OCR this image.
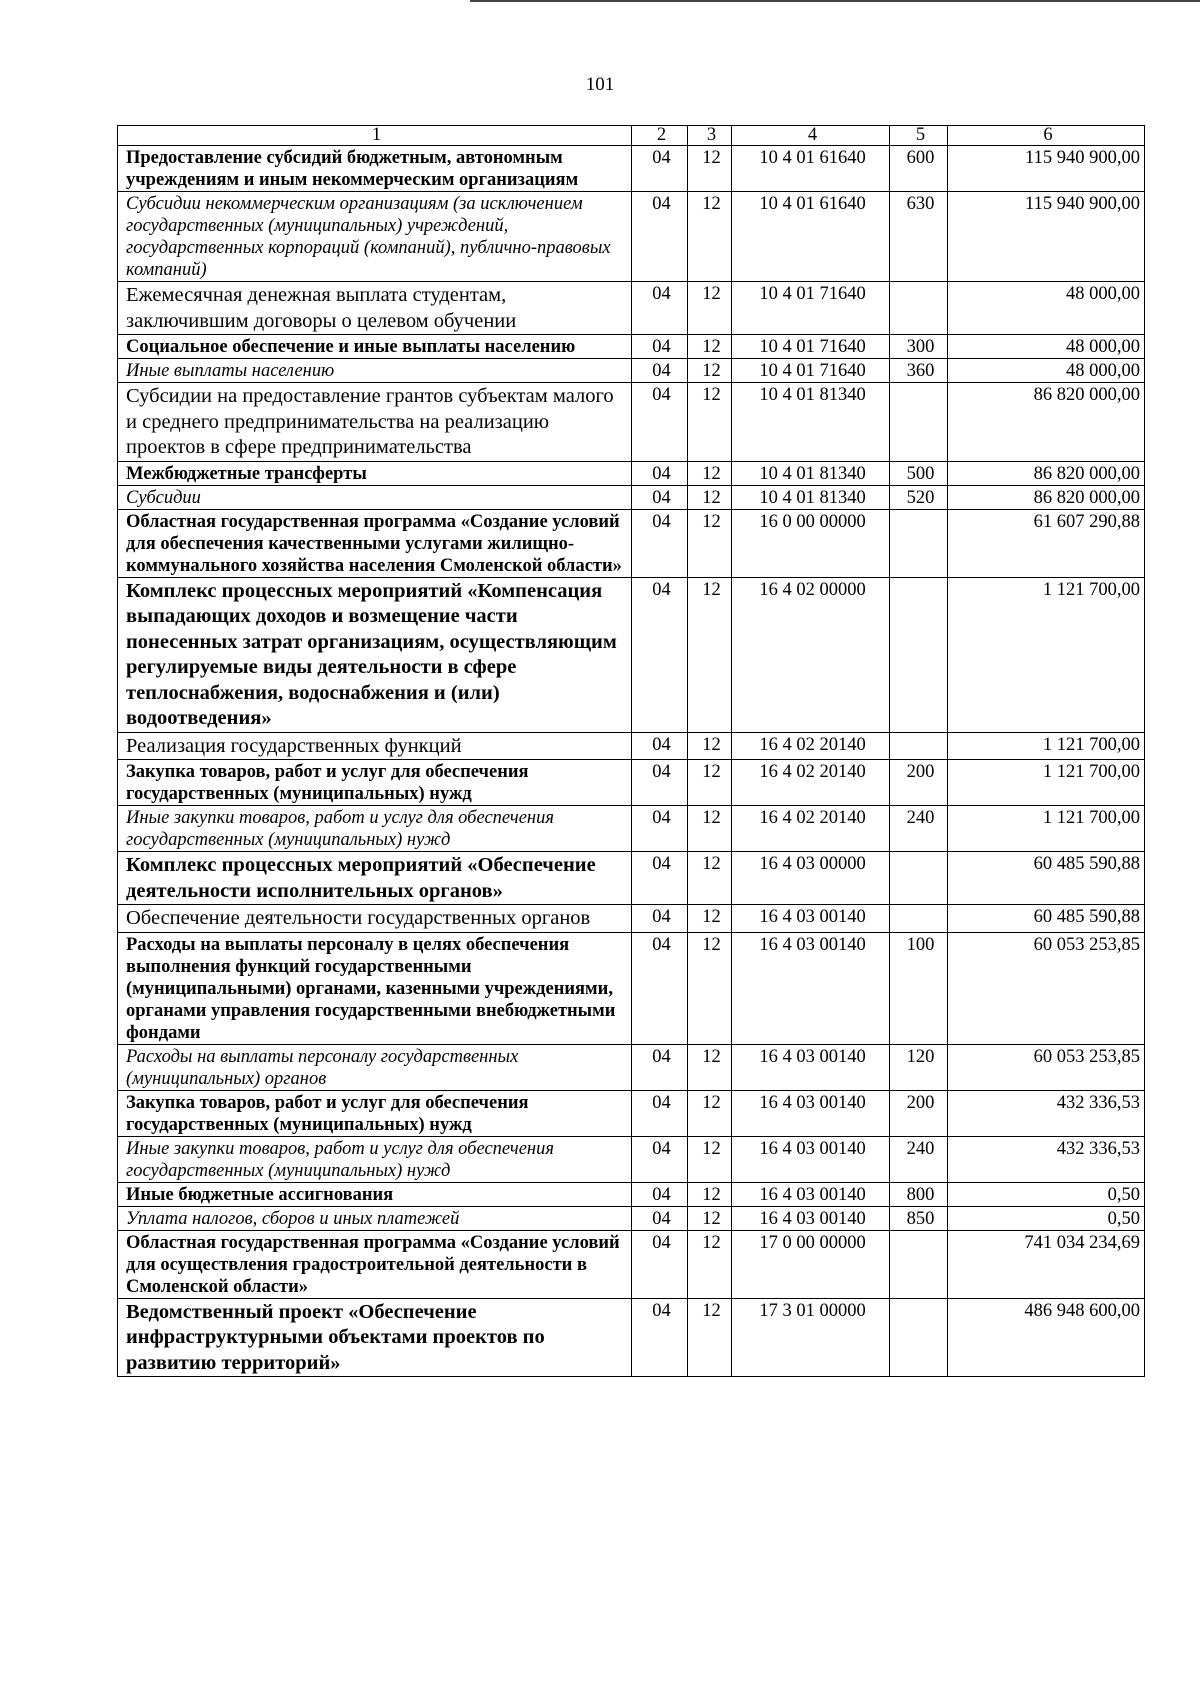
101
1	2	3	4	5	6
Предоставление субсидий бюджетным, автономным учреждениям и иным некоммерческим организациям	04	12	10 4 01 61640	600	115 940 900,00
Субсидии некоммерческим организациям (за исключением государственных (муниципальных) учреждений, государственных корпораций (компаний), публично-правовых компаний)	04	12	10 4 01 61640	630	115 940 900,00
Ежемесячная денежная выплата студентам, заключившим договоры о целевом обучении	04	12	10 4 01 71640		48 000,00
Социальное обеспечение и иные выплаты населению	04	12	10 4 01 71640	300	48 000,00
Иные выплаты населению	04	12	10 4 01 71640	360	48 000,00
Субсидии на предоставление грантов субъектам малого и среднего предпринимательства на реализацию проектов в сфере предпринимательства	04	12	10 4 01 81340		86 820 000,00
Межбюджетные трансферты	04	12	10 4 01 81340	500	86 820 000,00
Субсидии	04	12	10 4 01 81340	520	86 820 000,00
Областная государственная программа «Создание условий для обеспечения качественными услугами жилищно-коммунального хозяйства населения Смоленской области»	04	12	16 0 00 00000		61 607 290,88
Комплекс процессных мероприятий «Компенсация выпадающих доходов и возмещение части понесенных затрат организациям, осуществляющим регулируемые виды деятельности в сфере теплоснабжения, водоснабжения и (или) водоотведения»	04	12	16 4 02 00000		1 121 700,00
Реализация государственных функций	04	12	16 4 02 20140		1 121 700,00
Закупка товаров, работ и услуг для обеспечения государственных (муниципальных) нужд	04	12	16 4 02 20140	200	1 121 700,00
Иные закупки товаров, работ и услуг для обеспечения государственных (муниципальных) нужд	04	12	16 4 02 20140	240	1 121 700,00
Комплекс процессных мероприятий «Обеспечение деятельности исполнительных органов»	04	12	16 4 03 00000		60 485 590,88
Обеспечение деятельности государственных органов	04	12	16 4 03 00140		60 485 590,88
Расходы на выплаты персоналу в целях обеспечения выполнения функций государственными (муниципальными) органами, казенными учреждениями, органами управления государственными внебюджетными фондами	04	12	16 4 03 00140	100	60 053 253,85
Расходы на выплаты персоналу государственных (муниципальных) органов	04	12	16 4 03 00140	120	60 053 253,85
Закупка товаров, работ и услуг для обеспечения государственных (муниципальных) нужд	04	12	16 4 03 00140	200	432 336,53
Иные закупки товаров, работ и услуг для обеспечения государственных (муниципальных) нужд	04	12	16 4 03 00140	240	432 336,53
Иные бюджетные ассигнования	04	12	16 4 03 00140	800	0,50
Уплата налогов, сборов и иных платежей	04	12	16 4 03 00140	850	0,50
Областная государственная программа «Создание условий для осуществления градостроительной деятельности в Смоленской области»	04	12	17 0 00 00000		741 034 234,69
Ведомственный проект «Обеспечение инфраструктурными объектами проектов по развитию территорий»	04	12	17 3 01 00000		486 948 600,00
